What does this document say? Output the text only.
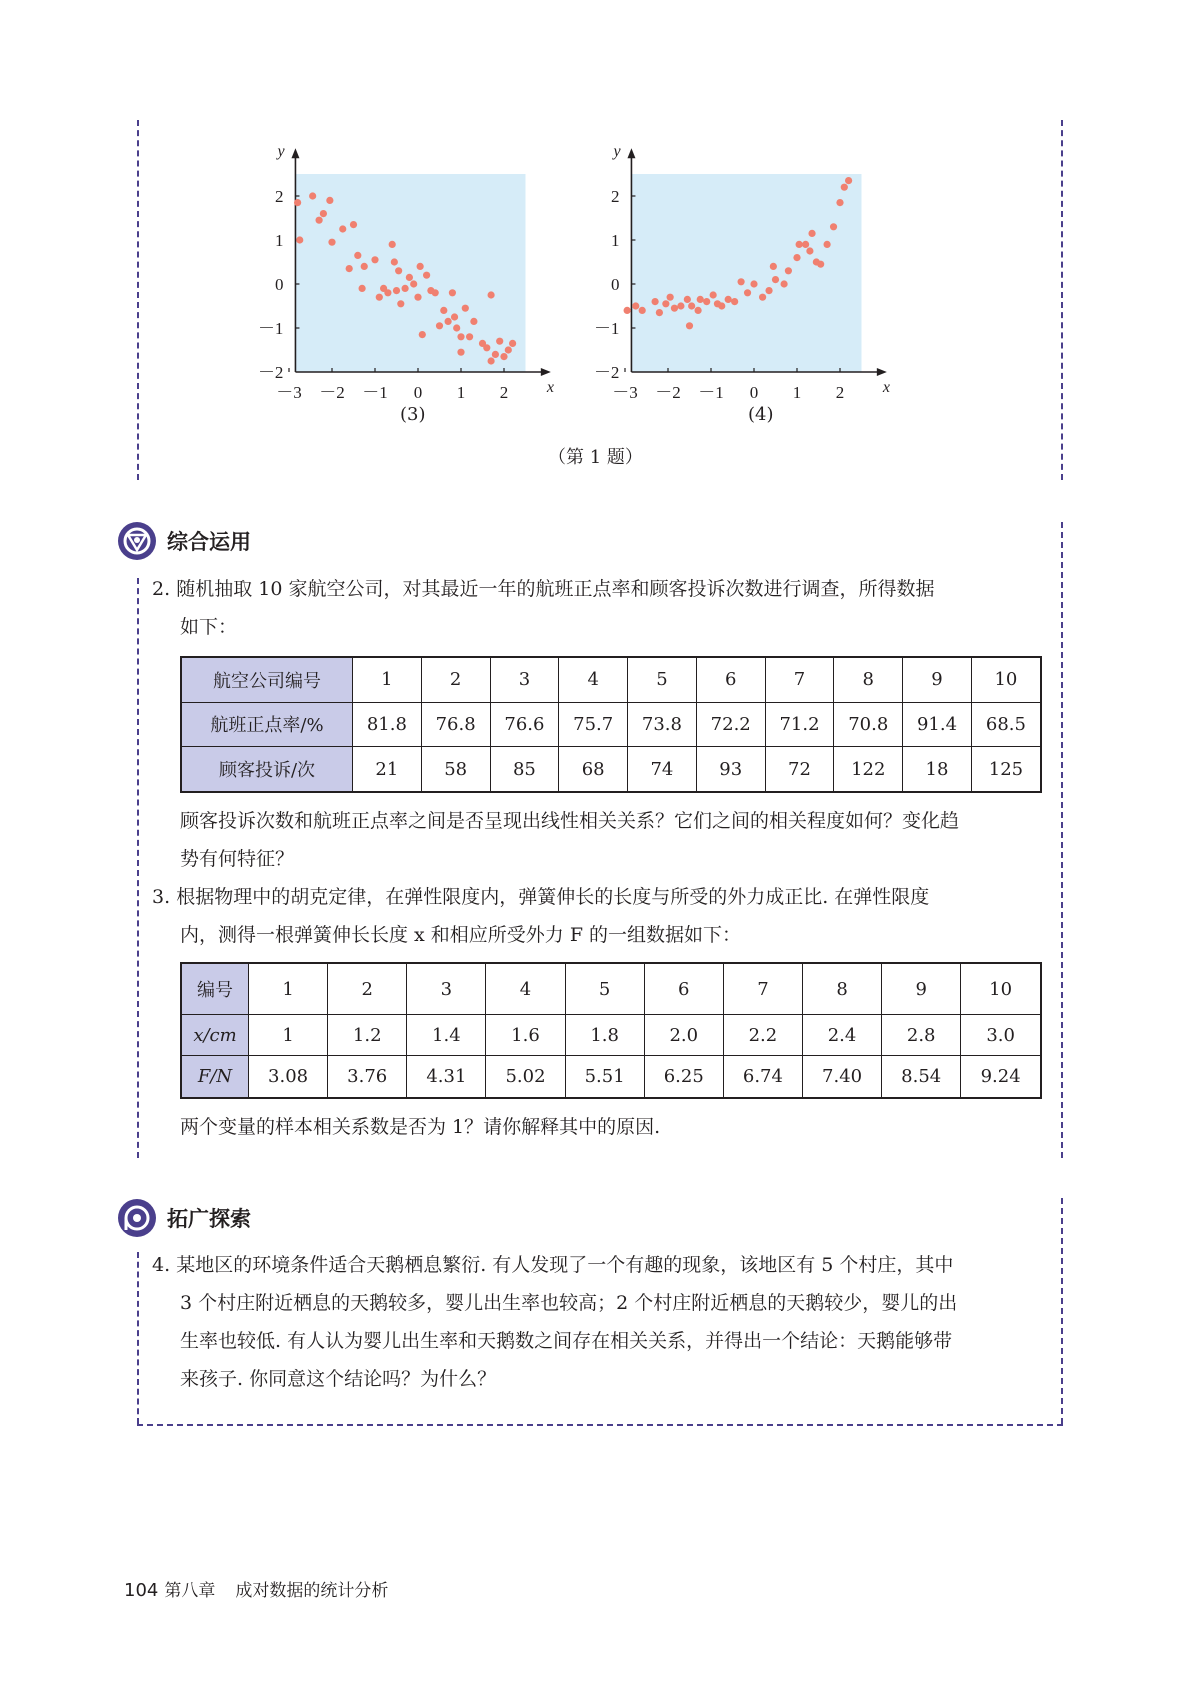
x
y
－3 －2 －1 0 1 2
2
1
0
－1
－2
x
y
－3 －2 －1 0 1 2
2
1
0
－1
－2
(3)	(4)
（第 1 题）
综合运用
2. 随机抽取 10 家航空公司，对其最近一年的航班正点率和顾客投诉次数进行调查，所得数据
如下：
航空公司编号	1	2	3	4	5	6	7	8	9	10
航班正点率/%	81.8	76.8	76.6	75.7	73.8	72.2	71.2	70.8	91.4	68.5
顾客投诉/次	21	58	85	68	74	93	72	122	18	125
顾客投诉次数和航班正点率之间是否呈现出线性相关关系？它们之间的相关程度如何？变化趋
势有何特征？
3. 根据物理中的胡克定律，在弹性限度内，弹簧伸长的长度与所受的外力成正比. 在弹性限度
内，测得一根弹簧伸长长度 x 和相应所受外力 F 的一组数据如下：
编号	1	2	3	4	5	6	7	8	9	10
x/cm	1	1.2	1.4	1.6	1.8	2.0	2.2	2.4	2.8	3.0
F/N	3.08	3.76	4.31	5.02	5.51	6.25	6.74	7.40	8.54	9.24
两个变量的样本相关系数是否为 1？请你解释其中的原因.
拓广探索
4. 某地区的环境条件适合天鹅栖息繁衍. 有人发现了一个有趣的现象，该地区有 5 个村庄，其中
3 个村庄附近栖息的天鹅较多，婴儿出生率也较高；2 个村庄附近栖息的天鹅较少，婴儿的出
生率也较低. 有人认为婴儿出生率和天鹅数之间存在相关关系，并得出一个结论：天鹅能够带
来孩子. 你同意这个结论吗？为什么？
104 第八章 成对数据的统计分析
